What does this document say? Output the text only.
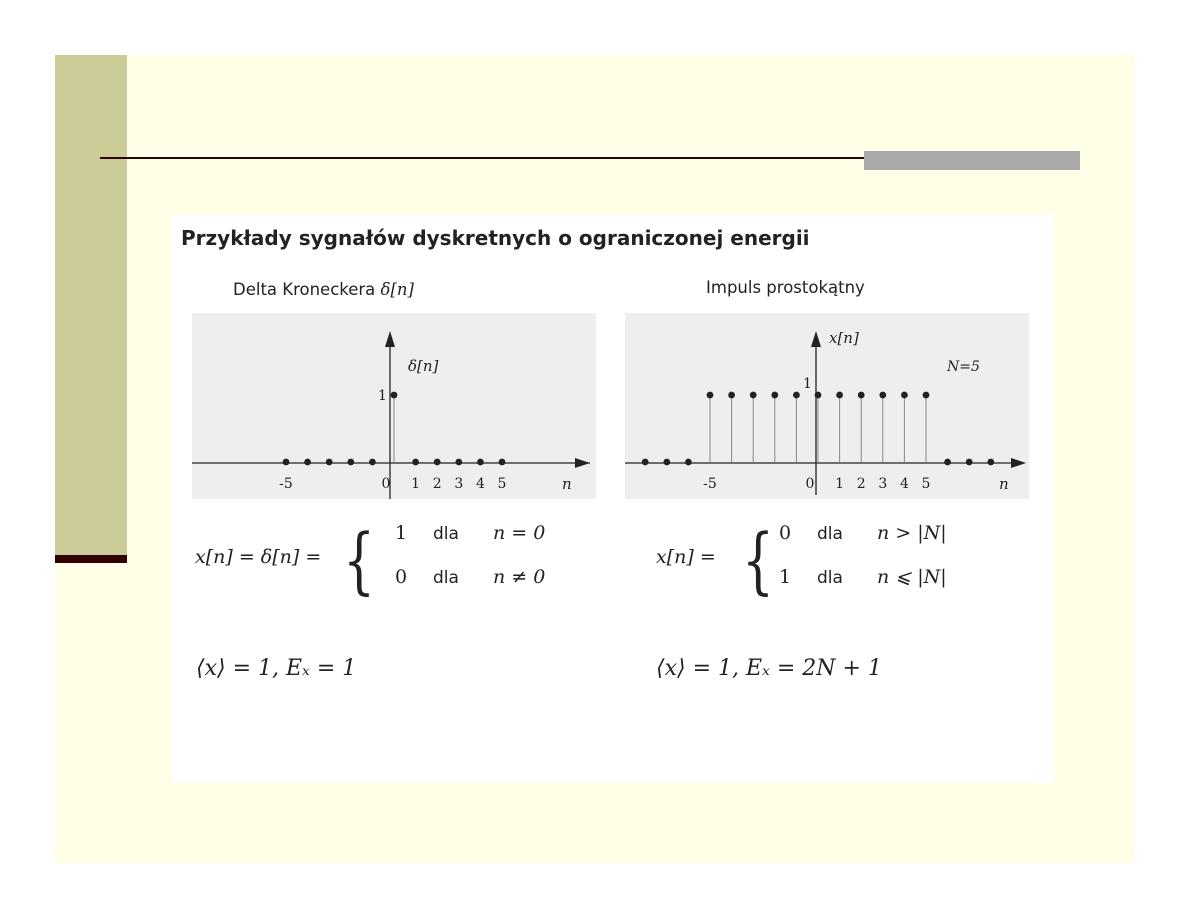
Przykłady sygnałów dyskretnych o ograniczonej energii
Delta Kroneckera δ[n]	Impuls prostokątny
δ[n]
n
1
-5	0 1 2 3 4 5
x[n]
n
1
N=5
-5	0 1 2 3 4 5
x[n] = δ[n] = { 1 dla n = 0
0 dla n ≠ 0
x[n] = { 0 dla n > |N|
1 dla n ⩽ |N|
⟨x⟩ = 1, Eₓ = 1	⟨x⟩ = 1, Eₓ = 2N + 1
